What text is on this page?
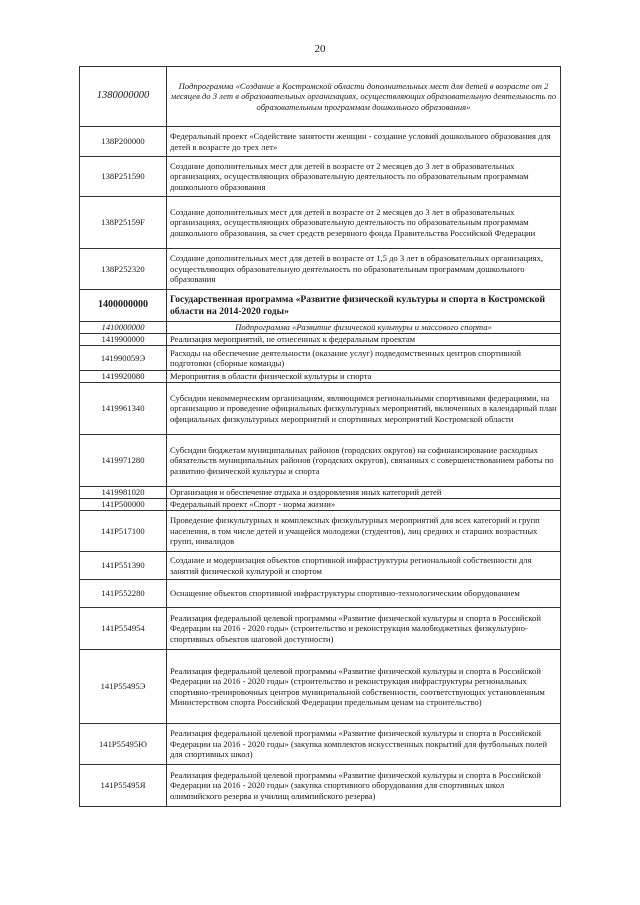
20
1380000000	Подпрограмма «Создание в Костромской области дополнительных мест для детей в возрасте от 2 месяцев до 3 лет в образовательных организациях, осуществляющих образовательную деятельность по образовательным программам дошкольного образования»
138P200000	Федеральный проект «Содействие занятости женщин - создание условий дошкольного образования для детей в возрасте до трех лет»
138P251590	Создание дополнительных мест для детей в возрасте от 2 месяцев до 3 лет в образовательных организациях, осуществляющих образовательную деятельность по образовательным программам дошкольного образования
138P25159F	Создание дополнительных мест для детей в возрасте от 2 месяцев до 3 лет в образовательных организациях, осуществляющих образовательную деятельность по образовательным программам дошкольного образования, за счет средств резервного фонда Правительства Российской Федерации
138P252320	Создание дополнительных мест для детей в возрасте от 1,5 до 3 лет в образовательных организациях, осуществляющих образовательную деятельность по образовательным программам дошкольного образования
1400000000	Государственная программа «Развитие физической культуры и спорта в Костромской области на 2014-2020 годы»
1410000000	Подпрограмма «Развитие физической культуры и массового спорта»
1419900000	Реализация мероприятий, не отнесенных к федеральным проектам
141990059Э	Расходы на обеспечение деятельности (оказание услуг) подведомственных центров спортивной подготовки (сборные команды)
1419920080	Мероприятия в области физической культуры и спорта
1419961340	Субсидии некоммерческим организациям, являющимся региональными спортивными федерациями, на организацию и проведение официальных физкультурных мероприятий, включенных в календарный план официальных физкультурных мероприятий и спортивных мероприятий Костромской области
1419971280	Субсидии бюджетам муниципальных районов (городских округов) на софинансирование расходных обязательств муниципальных районов (городских округов), связанных с совершенствованием работы по развитию физической культуры и спорта
1419981020	Организация и обеспечение отдыха и оздоровления иных категорий детей
141P500000	Федеральный проект «Спорт - норма жизни»
141P517100	Проведение физкультурных и комплексных физкультурных мероприятий для всех категорий и групп населения, в том числе детей и учащейся молодежи (студентов), лиц средних и старших возрастных групп, инвалидов
141P551390	Создание и модернизация объектов спортивной инфраструктуры региональной собственности для занятий физической культурой и спортом
141P552280	Оснащение объектов спортивной инфраструктуры спортивно-технологическим оборудованием
141P554954	Реализация федеральной целевой программы «Развитие физической культуры и спорта в Российской Федерации на 2016 - 2020 годы» (строительство и реконструкция малобюджетных физкультурно-спортивных объектов шаговой доступности)
141P55495Э	Реализация федеральной целевой программы «Развитие физической культуры и спорта в Российской Федерации на 2016 - 2020 годы» (строительство и реконструкция инфраструктуры региональных спортивно-тренировочных центров муниципальной собственности, соответствующих установленным Министерством спорта Российской Федерации предельным ценам на строительство)
141P55495Ю	Реализация федеральной целевой программы «Развитие физической культуры и спорта в Российской Федерации на 2016 - 2020 годы» (закупка комплектов искусственных покрытий для футбольных полей для спортивных школ)
141P55495Я	Реализация федеральной целевой программы «Развитие физической культуры и спорта в Российской Федерации на 2016 - 2020 годы» (закупка спортивного оборудования для спортивных школ олимпийского резерва и училищ олимпийского резерва)
